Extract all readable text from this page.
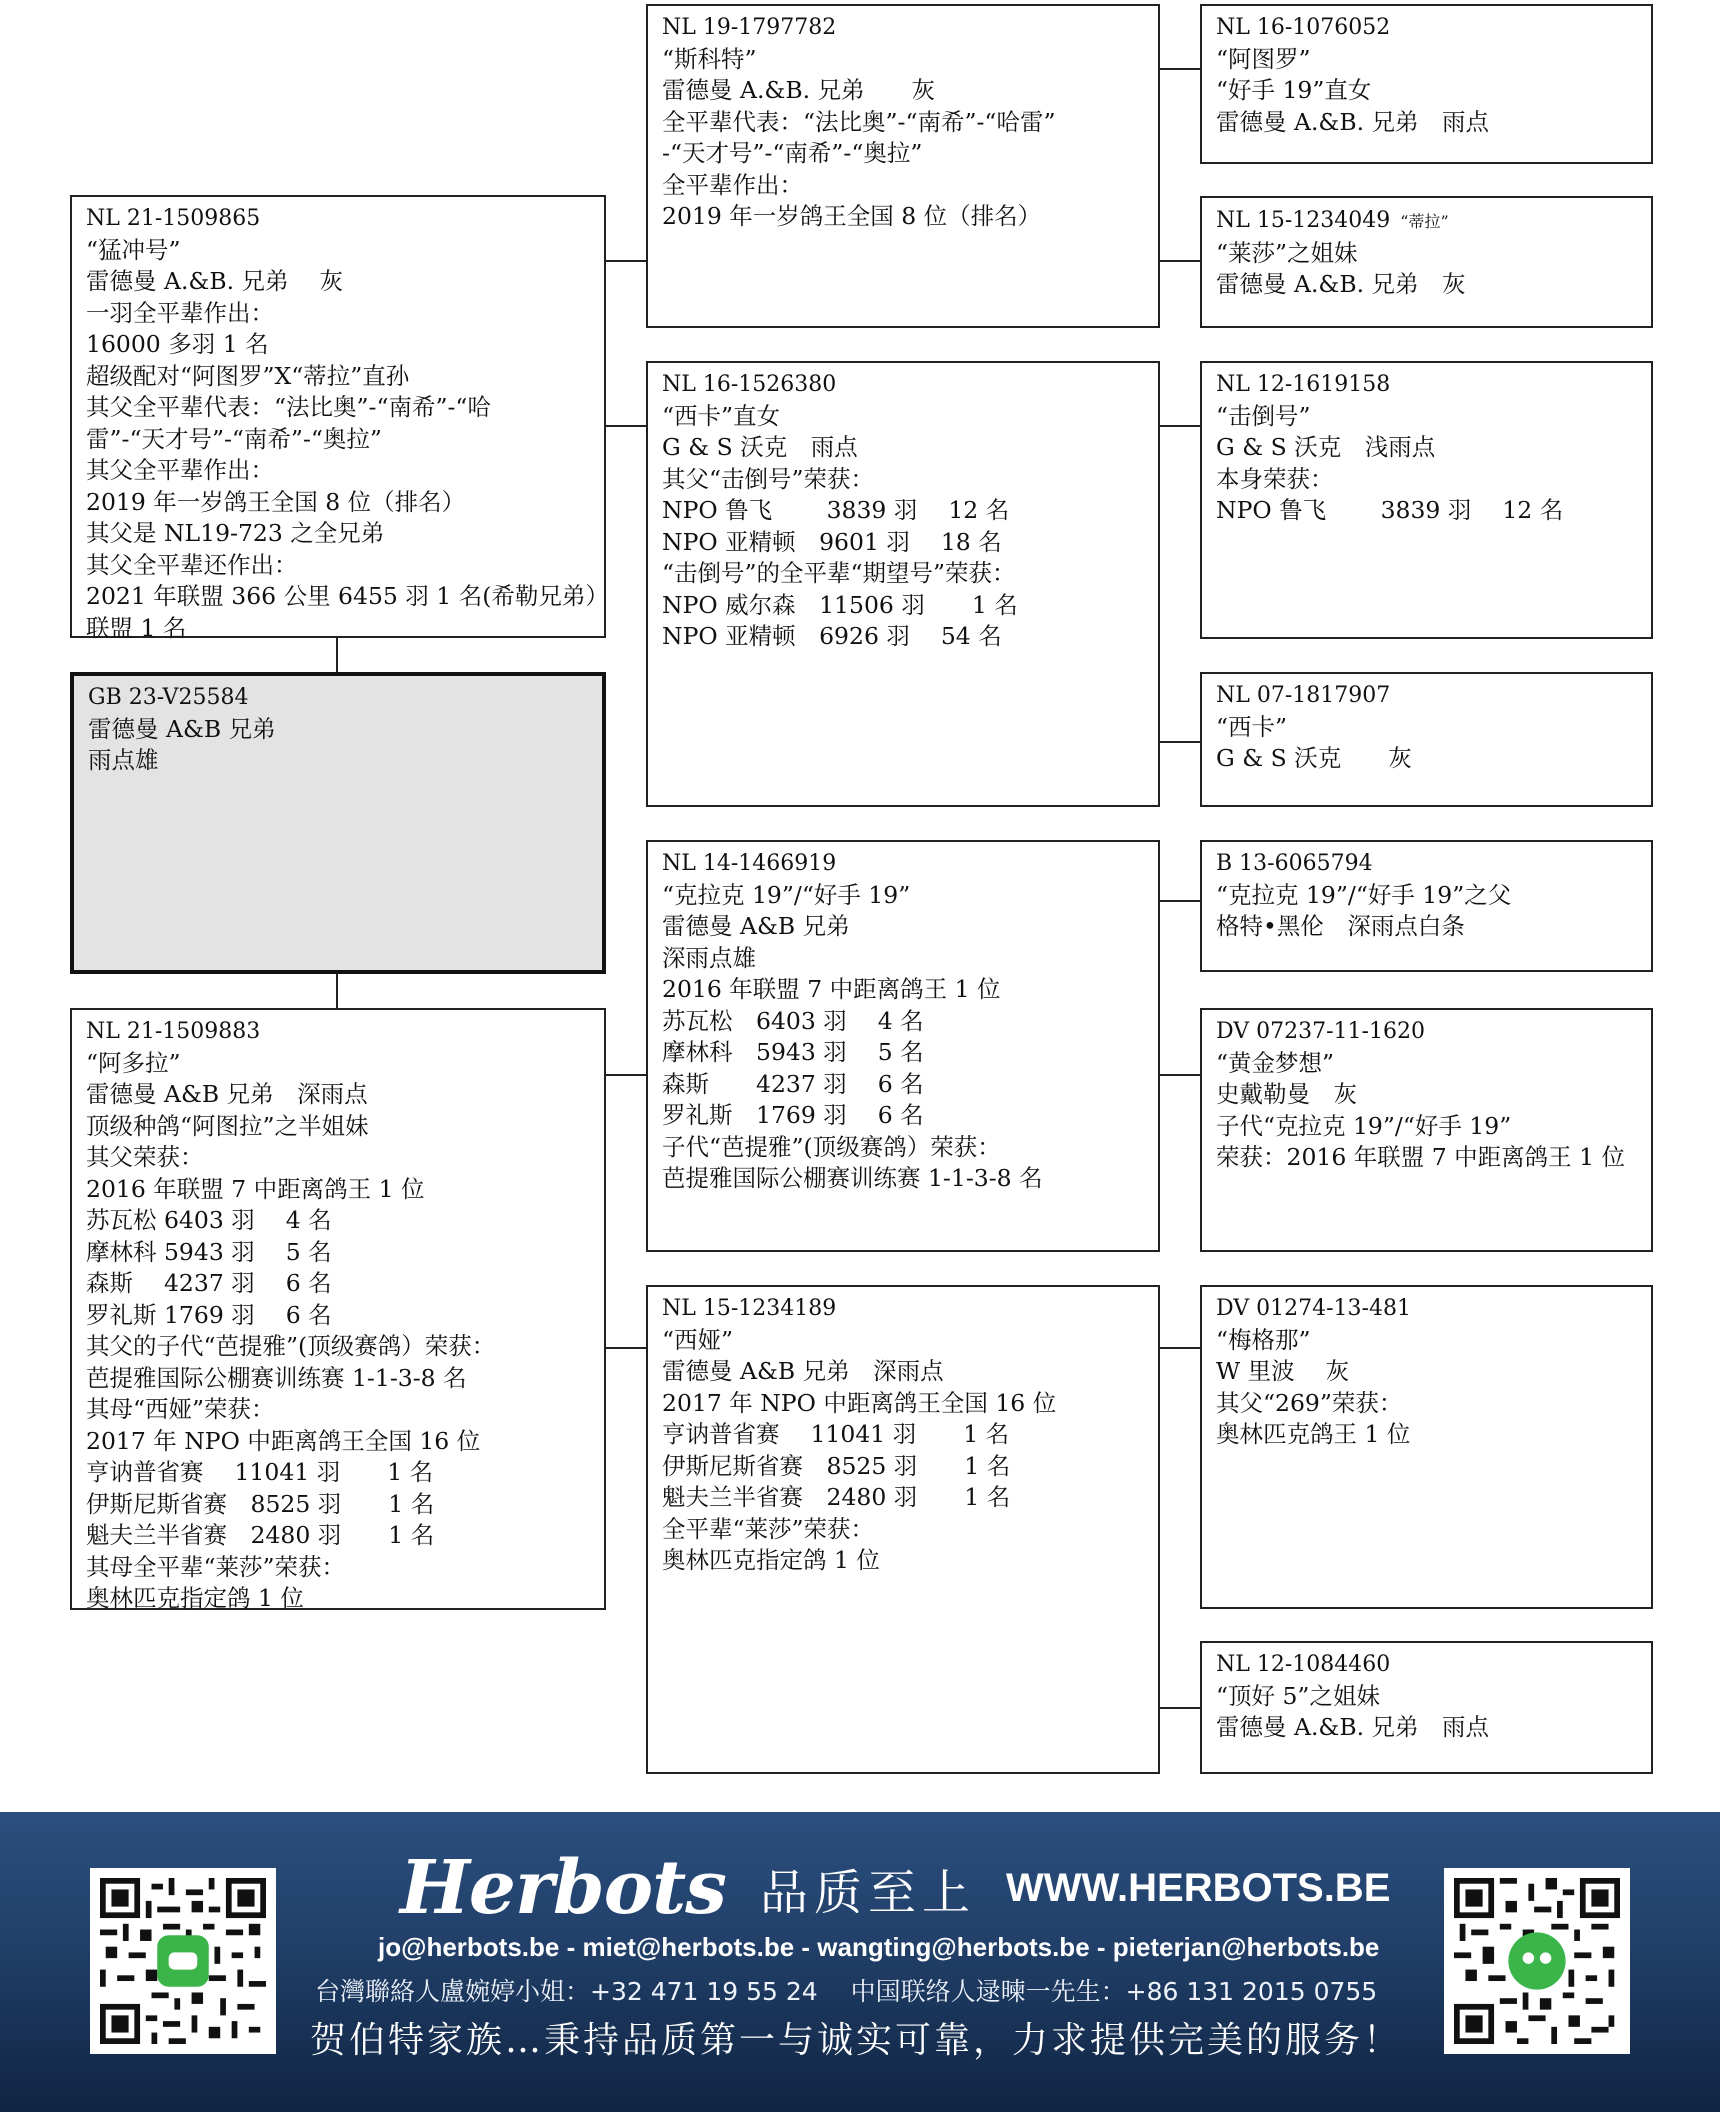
NL 21-1509865
“猛冲号”
雷德曼 A.&B. 兄弟　 灰
一羽全平辈作出：
16000 多羽 1 名
超级配对“阿图罗”X“蒂拉”直孙
其父全平辈代表：“法比奥”-“南希”-“哈
雷”-“天才号”-“南希”-“奥拉”
其父全平辈作出：
2019 年一岁鸽王全国 8 位（排名）
其父是 NL19-723 之全兄弟
其父全平辈还作出：
2021 年联盟 366 公里 6455 羽 1 名(希勒兄弟）
联盟 1 名
GB 23-V25584
雷德曼 A&B 兄弟
雨点雄
NL 21-1509883
“阿多拉”
雷德曼 A&B 兄弟　深雨点
顶级种鸽“阿图拉”之半姐妹
其父荣获：
2016 年联盟 7 中距离鸽王 1 位
苏瓦松 6403 羽　 4 名
摩林科 5943 羽　 5 名
森斯　 4237 羽　 6 名
罗礼斯 1769 羽　 6 名
其父的子代“芭提雅”(顶级赛鸽）荣获：
芭提雅国际公棚赛训练赛 1-1-3-8 名
其母“西娅”荣获：
2017 年 NPO 中距离鸽王全国 16 位
亨讷普省赛　 11041 羽　　1 名
伊斯尼斯省赛　8525 羽　　1 名
魁夫兰半省赛　2480 羽　　1 名
其母全平辈“莱莎”荣获：
奥林匹克指定鸽 1 位
NL 19-1797782
“斯科特”
雷德曼 A.&B. 兄弟　　灰
全平辈代表：“法比奥”-“南希”-“哈雷”
-“天才号”-“南希”-“奥拉”
全平辈作出：
2019 年一岁鸽王全国 8 位（排名）
NL 16-1526380
“西卡”直女
G & S 沃克　雨点
其父“击倒号”荣获：
NPO 鲁飞　　 3839 羽　 12 名
NPO 亚精顿　9601 羽　 18 名
“击倒号”的全平辈“期望号”荣获：
NPO 威尔森　11506 羽　　1 名
NPO 亚精顿　6926 羽　 54 名
NL 14-1466919
“克拉克 19”/“好手 19”
雷德曼 A&B 兄弟
深雨点雄
2016 年联盟 7 中距离鸽王 1 位
苏瓦松　6403 羽　 4 名
摩林科　5943 羽　 5 名
森斯　　4237 羽　 6 名
罗礼斯　1769 羽　 6 名
子代“芭提雅”(顶级赛鸽）荣获：
芭提雅国际公棚赛训练赛 1-1-3-8 名
NL 15-1234189
“西娅”
雷德曼 A&B 兄弟　深雨点
2017 年 NPO 中距离鸽王全国 16 位
亨讷普省赛　 11041 羽　　1 名
伊斯尼斯省赛　8525 羽　　1 名
魁夫兰半省赛　2480 羽　　1 名
全平辈“莱莎”荣获：
奥林匹克指定鸽 1 位
NL 16-1076052
“阿图罗”
“好手 19”直女
雷德曼 A.&B. 兄弟　雨点
NL 15-1234049 “蒂拉”
“莱莎”之姐妹
雷德曼 A.&B. 兄弟　灰
NL 12-1619158
“击倒号”
G & S 沃克　浅雨点
本身荣获：
NPO 鲁飞　　 3839 羽　 12 名
NL 07-1817907
“西卡”
G & S 沃克　　灰
B 13-6065794
“克拉克 19”/“好手 19”之父
格特•黑伦　深雨点白条
DV 07237-11-1620
“黄金梦想”
史戴勒曼　灰
子代“克拉克 19”/“好手 19”
荣获：2016 年联盟 7 中距离鸽王 1 位
DV 01274-13-481
“梅格那”
W 里波　 灰
其父“269”荣获：
奥林匹克鸽王 1 位
NL 12-1084460
“顶好 5”之姐妹
雷德曼 A.&B. 兄弟　雨点
Herbots 品质至上 WWW.HERBOTS.BE
jo@herbots.be - miet@herbots.be - wangting@herbots.be - pieterjan@herbots.be
台灣聯絡人盧婉婷小姐：+32 471 19 55 24　 中国联络人逯暕一先生：+86 131 2015 0755
贺伯特家族…秉持品质第一与诚实可靠，力求提供完美的服务！
